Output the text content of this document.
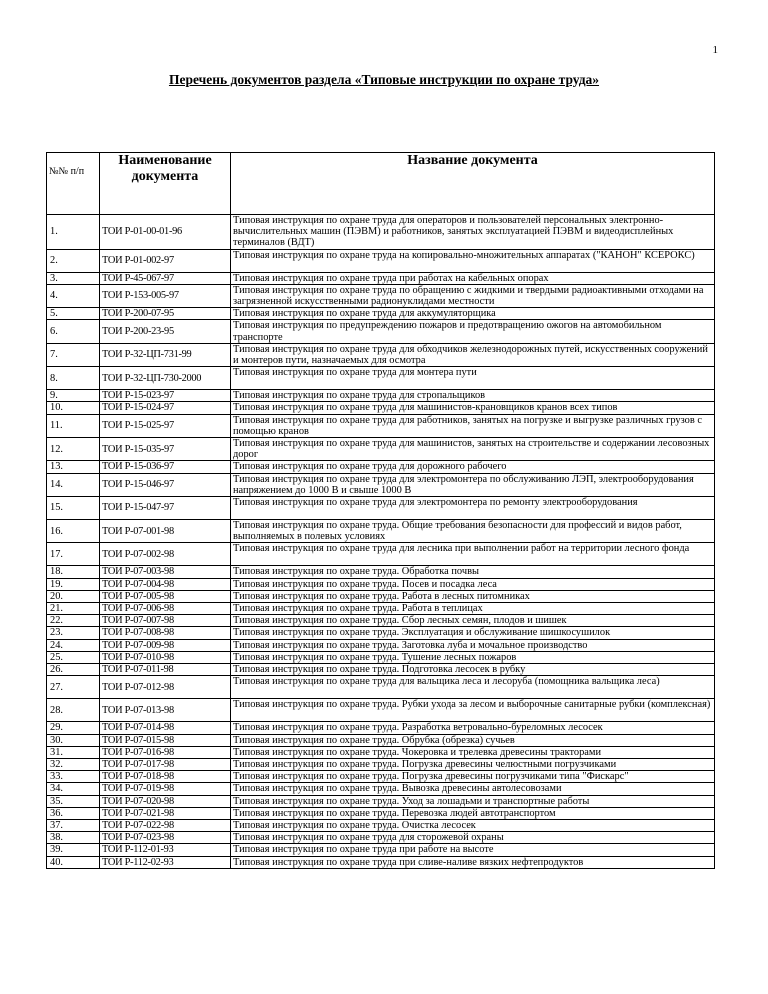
1
Перечень документов раздела «Типовые инструкции по охране труда»
№№ п/п	Наименование документа	Название документа
1.	ТОИ Р-01-00-01-96	Типовая инструкция по охране труда для операторов и пользователей персональных электронно-вычислительных машин (ПЭВМ) и работников, занятых эксплуатацией ПЭВМ и видеодисплейных терминалов (ВДТ)
2.	ТОИ Р-01-002-97	Типовая инструкция по охране труда на копировально-множительных аппаратах ("КАНОН" КСЕРОКС)
3.	ТОИ Р-45-067-97	Типовая инструкция по охране труда при работах на кабельных опорах
4.	ТОИ Р-153-005-97	Типовая инструкция по охране труда по обращению с жидкими и твердыми радиоактивными отходами на загрязненной искусственными радионуклидами местности
5.	ТОИ Р-200-07-95	Типовая инструкция по охране труда для аккумуляторщика
6.	ТОИ Р-200-23-95	Типовая инструкция по предупреждению пожаров и предотвращению ожогов на автомобильном транспорте
7.	ТОИ Р-32-ЦП-731-99	Типовая инструкция по охране труда для обходчиков железнодорожных путей, искусственных сооружений и монтеров пути, назначаемых для осмотра
8.	ТОИ Р-32-ЦП-730-2000	Типовая инструкция по охране труда для монтера пути
9.	ТОИ Р-15-023-97	Типовая инструкция по охране труда для стропальщиков
10.	ТОИ Р-15-024-97	Типовая инструкция по охране труда для машинистов-крановщиков кранов всех типов
11.	ТОИ Р-15-025-97	Типовая инструкция по охране труда для работников, занятых на погрузке и выгрузке различных грузов с помощью кранов
12.	ТОИ Р-15-035-97	Типовая инструкция по охране труда для машинистов, занятых на строительстве и содержании лесовозных дорог
13.	ТОИ Р-15-036-97	Типовая инструкция по охране труда для дорожного рабочего
14.	ТОИ Р-15-046-97	Типовая инструкция по охране труда для электромонтера по обслуживанию ЛЭП, электрооборудования напряжением до 1000 В и свыше 1000 В
15.	ТОИ Р-15-047-97	Типовая инструкция по охране труда для электромонтера по ремонту электрооборудования
16.	ТОИ Р-07-001-98	Типовая инструкция по охране труда. Общие требования безопасности для профессий и видов работ, выполняемых в полевых условиях
17.	ТОИ Р-07-002-98	Типовая инструкция по охране труда для лесника при выполнении работ на территории лесного фонда
18.	ТОИ Р-07-003-98	Типовая инструкция по охране труда. Обработка почвы
19.	ТОИ Р-07-004-98	Типовая инструкция по охране труда. Посев и посадка леса
20.	ТОИ Р-07-005-98	Типовая инструкция по охране труда. Работа в лесных питомниках
21.	ТОИ Р-07-006-98	Типовая инструкция по охране труда. Работа в теплицах
22.	ТОИ Р-07-007-98	Типовая инструкция по охране труда. Сбор лесных семян, плодов и шишек
23.	ТОИ Р-07-008-98	Типовая инструкция по охране труда. Эксплуатация и обслуживание шишкосушилок
24.	ТОИ Р-07-009-98	Типовая инструкция по охране труда. Заготовка луба и мочальное производство
25.	ТОИ Р-07-010-98	Типовая инструкция по охране труда. Тушение лесных пожаров
26.	ТОИ Р-07-011-98	Типовая инструкция по охране труда. Подготовка лесосек в рубку
27.	ТОИ Р-07-012-98	Типовая инструкция по охране труда для вальщика леса и лесоруба (помощника вальщика леса)
28.	ТОИ Р-07-013-98	Типовая инструкция по охране труда. Рубки ухода за лесом и выборочные санитарные рубки (комплексная)
29.	ТОИ Р-07-014-98	Типовая инструкция по охране труда. Разработка ветровально-буреломных лесосек
30.	ТОИ Р-07-015-98	Типовая инструкция по охране труда. Обрубка (обрезка) сучьев
31.	ТОИ Р-07-016-98	Типовая инструкция по охране труда. Чокеровка и трелевка древесины тракторами
32.	ТОИ Р-07-017-98	Типовая инструкция по охране труда. Погрузка древесины челюстными погрузчиками
33.	ТОИ Р-07-018-98	Типовая инструкция по охране труда. Погрузка древесины погрузчиками типа "Фискарс"
34.	ТОИ Р-07-019-98	Типовая инструкция по охране труда. Вывозка древесины автолесовозами
35.	ТОИ Р-07-020-98	Типовая инструкция по охране труда. Уход за лошадьми и транспортные работы
36.	ТОИ Р-07-021-98	Типовая инструкция по охране труда. Перевозка людей автотранспортом
37.	ТОИ Р-07-022-98	Типовая инструкция по охране труда. Очистка лесосек
38.	ТОИ Р-07-023-98	Типовая инструкция по охране труда для сторожевой охраны
39.	ТОИ Р-112-01-93	Типовая инструкция по охране труда при работе на высоте
40.	ТОИ Р-112-02-93	Типовая инструкция по охране труда при сливе-наливе вязких нефтепродуктов
